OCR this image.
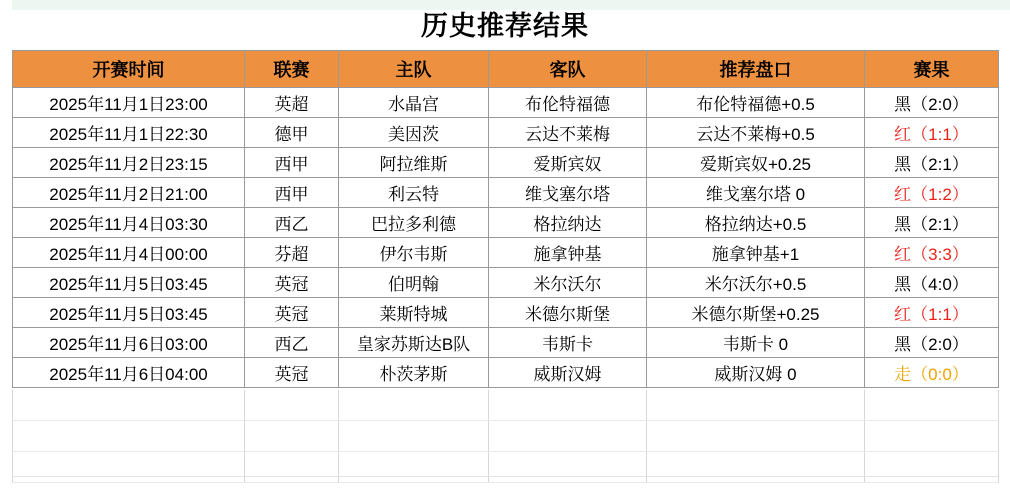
历史推荐结果
开赛时间	联赛	主队	客队	推荐盘口	赛果
2025年11月1日23:00	英超	水晶宫	布伦特福德	布伦特福德+0.5	黑（2:0）
2025年11月1日22:30	德甲	美因茨	云达不莱梅	云达不莱梅+0.5	红（1:1）
2025年11月2日23:15	西甲	阿拉维斯	爱斯宾奴	爱斯宾奴+0.25	黑（2:1）
2025年11月2日21:00	西甲	利云特	维戈塞尔塔	维戈塞尔塔 0	红（1:2）
2025年11月4日03:30	西乙	巴拉多利德	格拉纳达	格拉纳达+0.5	黑（2:1）
2025年11月4日00:00	芬超	伊尔韦斯	施拿钟基	施拿钟基+1	红（3:3）
2025年11月5日03:45	英冠	伯明翰	米尔沃尔	米尔沃尔+0.5	黑（4:0）
2025年11月5日03:45	英冠	莱斯特城	米德尔斯堡	米德尔斯堡+0.25	红（1:1）
2025年11月6日03:00	西乙	皇家苏斯达B队	韦斯卡	韦斯卡 0	黑（2:0）
2025年11月6日04:00	英冠	朴茨茅斯	威斯汉姆	威斯汉姆 0	走（0:0）
